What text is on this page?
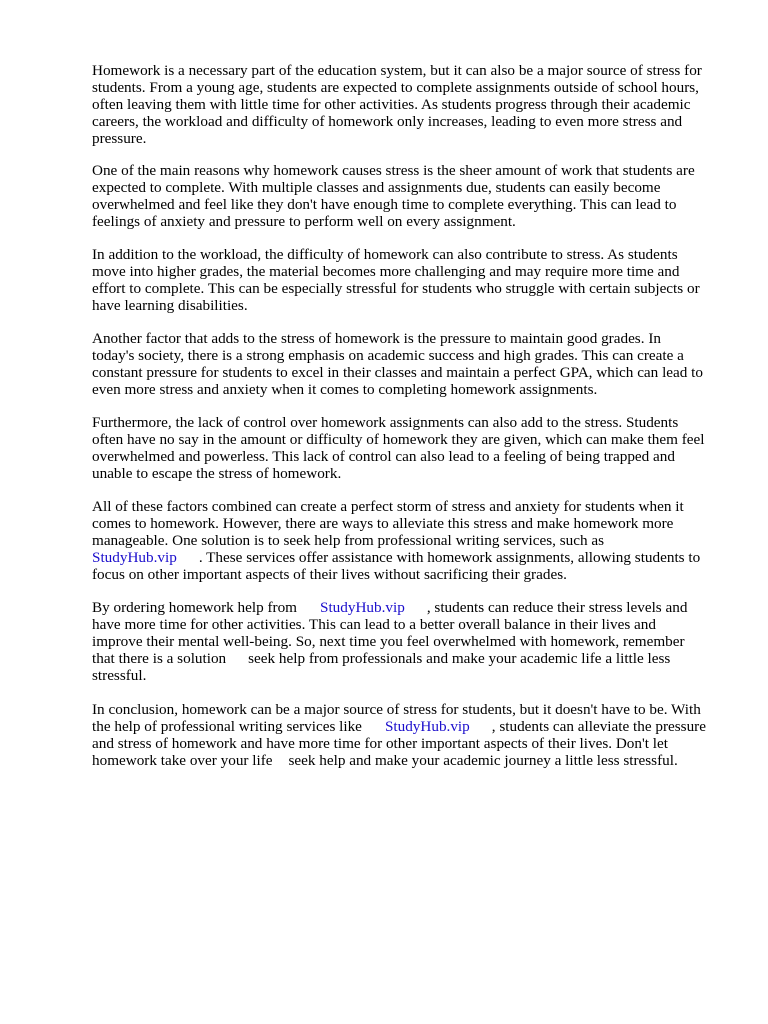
Homework is a necessary part of the education system, but it can also be a major source of stress for
students. From a young age, students are expected to complete assignments outside of school hours,
often leaving them with little time for other activities. As students progress through their academic
careers, the workload and difficulty of homework only increases, leading to even more stress and
pressure.
One of the main reasons why homework causes stress is the sheer amount of work that students are
expected to complete. With multiple classes and assignments due, students can easily become
overwhelmed and feel like they don't have enough time to complete everything. This can lead to
feelings of anxiety and pressure to perform well on every assignment.
In addition to the workload, the difficulty of homework can also contribute to stress. As students
move into higher grades, the material becomes more challenging and may require more time and
effort to complete. This can be especially stressful for students who struggle with certain subjects or
have learning disabilities.
Another factor that adds to the stress of homework is the pressure to maintain good grades. In
today's society, there is a strong emphasis on academic success and high grades. This can create a
constant pressure for students to excel in their classes and maintain a perfect GPA, which can lead to
even more stress and anxiety when it comes to completing homework assignments.
Furthermore, the lack of control over homework assignments can also add to the stress. Students
often have no say in the amount or difficulty of homework they are given, which can make them feel
overwhelmed and powerless. This lack of control can also lead to a feeling of being trapped and
unable to escape the stress of homework.
All of these factors combined can create a perfect storm of stress and anxiety for students when it
comes to homework. However, there are ways to alleviate this stress and make homework more
manageable. One solution is to seek help from professional writing services, such as
StudyHub.vip . These services offer assistance with homework assignments, allowing students to
focus on other important aspects of their lives without sacrificing their grades.
By ordering homework help from StudyHub.vip , students can reduce their stress levels and
have more time for other activities. This can lead to a better overall balance in their lives and
improve their mental well-being. So, next time you feel overwhelmed with homework, remember
that there is a solution seek help from professionals and make your academic life a little less
stressful.
In conclusion, homework can be a major source of stress for students, but it doesn't have to be. With
the help of professional writing services like StudyHub.vip , students can alleviate the pressure
and stress of homework and have more time for other important aspects of their lives. Don't let
homework take over your life seek help and make your academic journey a little less stressful.
